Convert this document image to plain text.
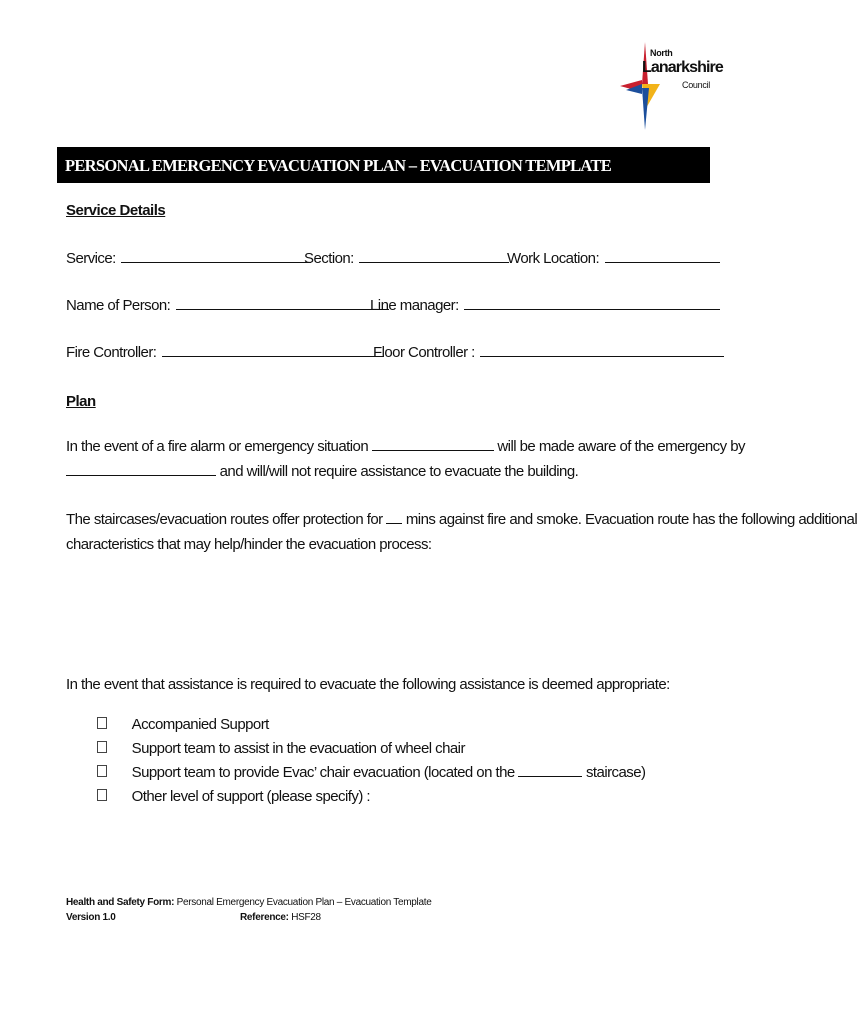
North
Lanarkshire
Council
PERSONAL EMERGENCY EVACUATION PLAN – EVACUATION TEMPLATE
Service Details
Service:	Section:	Work Location:
Name of Person:	Line manager:
Fire Controller:	Floor Controller :
Plan
In the event of a fire alarm or emergency situation	will be made aware of the emergency by
and will/will not require assistance to evacuate the building.
The staircases/evacuation routes offer protection for mins against fire and smoke. Evacuation route has the following additional
characteristics that may help/hinder the evacuation process:
In the event that assistance is required to evacuate the following assistance is deemed appropriate:
Accompanied Support
Support team to assist in the evacuation of wheel chair
Support team to provide Evac’ chair evacuation (located on the	staircase)
Other level of support (please specify) :
Health and Safety Form: Personal Emergency Evacuation Plan – Evacuation Template
Version 1.0	Reference: HSF28
